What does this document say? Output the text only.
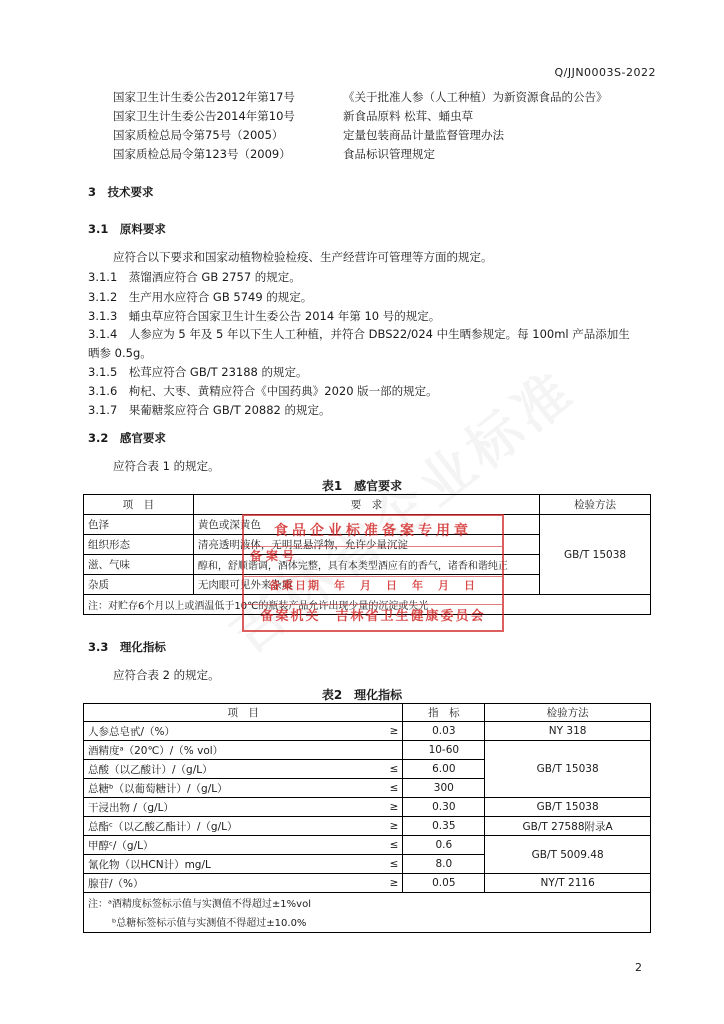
Q/JJN0003S-2022
国家卫生计生委公告2012年第17号	《关于批准人参（人工种植）为新资源食品的公告》
国家卫生计生委公告2014年第10号	新食品原料 松茸、蛹虫草
国家质检总局令第75号（2005）	定量包装商品计量监督管理办法
国家质检总局令第123号（2009）	食品标识管理规定
3　技术要求
3.1　原料要求
应符合以下要求和国家动植物检验检疫、生产经营许可管理等方面的规定。
3.1.1　蒸馏酒应符合 GB 2757 的规定。
3.1.2　生产用水应符合 GB 5749 的规定。
3.1.3　蛹虫草应符合国家卫生计生委公告 2014 年第 10 号的规定。
3.1.4　人参应为 5 年及 5 年以下生人工种植，并符合 DBS22/024 中生晒参规定。每 100ml 产品添加生
晒参 0.5g。
3.1.5　松茸应符合 GB/T 23188 的规定。
3.1.6　枸杞、大枣、黄精应符合《中国药典》2020 版一部的规定。
3.1.7　果葡糖浆应符合 GB/T 20882 的规定。
3.2　感官要求
应符合表 1 的规定。
表1　感官要求
项　目	要　求	检验方法
色泽	黄色或深黄色	GB/T 15038
组织形态	清亮透明液体，无明显悬浮物，允许少量沉淀	
滋、气味	醇和，舒顺谐调，酒体完整，具有本类型酒应有的香气，诸香和谐纯正	
杂质	无肉眼可见外来杂质	
注：对贮存6个月以上或酒温低于10℃的瓶装产品允许出现少量的沉淀或失光		
食品企业标准备案专用章
备案号
备案日期　年　月　日　年　月　日
备案机关　吉林省卫生健康委员会
3.3　理化指标
应符合表 2 的规定。
表2　理化指标
项　目		指　标	检验方法
人参总皂甙/（%）	≥	0.03	NY 318
酒精度ᵃ（20℃）/（% vol）		10-60	GB/T 15038
总酸（以乙酸计）/（g/L）	≤	6.00	
总糖ᵇ（以葡萄糖计）/（g/L）	≤	300	
干浸出物 /（g/L）	≥	0.30	GB/T 15038
总酯ᶜ（以乙酸乙酯计）/（g/L）	≥	0.35	GB/T 27588附录A
甲醇ᶜ/（g/L）	≤	0.6	GB/T 5009.48
氰化物（以HCN计）mg/L	≤	8.0	
腺苷/（%）	≥	0.05	NY/T 2116

注：ᵃ酒精度标签标示值与实测值不得超过±1%vol
ᵇ总糖标签标示值与实测值不得超过±10.0%			
2
